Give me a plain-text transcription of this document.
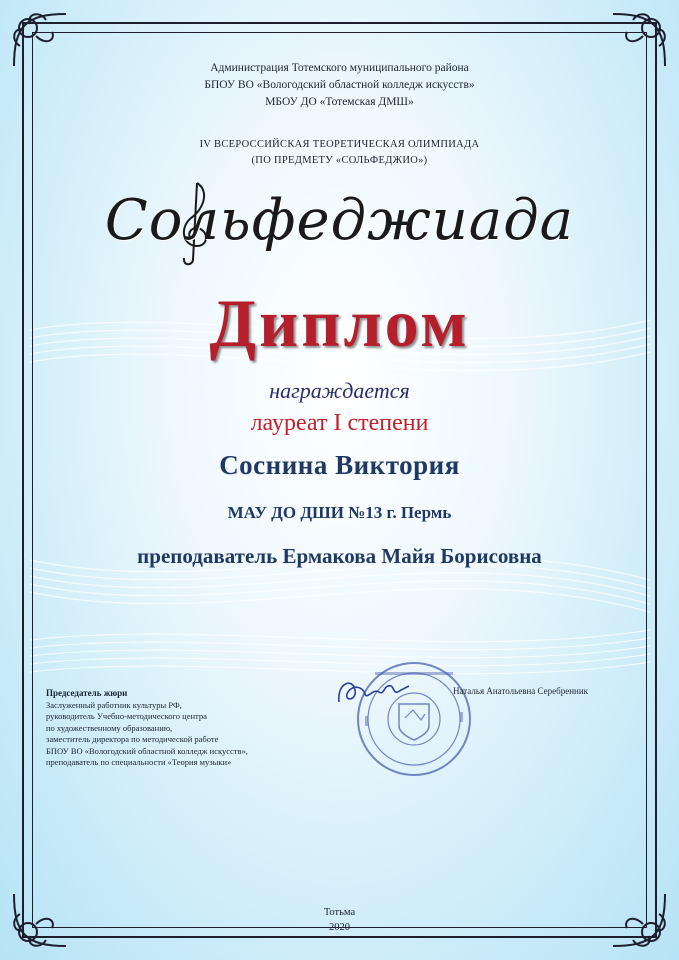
Администрация Тотемского муниципального района
БПОУ ВО «Вологодский областной колледж искусств»
МБОУ ДО «Тотемская ДМШ»
IV ВСЕРОССИЙСКАЯ ТЕОРЕТИЧЕСКАЯ ОЛИМПИАДА
(ПО ПРЕДМЕТУ «СОЛЬФЕДЖИО»)
Сольфеджиада
Диплом
награждается
лауреат I степени
Соснина Виктория
МАУ ДО ДШИ №13 г. Пермь
преподаватель Ермакова Майя Борисовна
Председатель жюри
Заслуженный работник культуры РФ,
руководитель Учебно-методического центра
по художественному образованию,
заместитель директора по методической работе
БПОУ ВО «Вологодский областной колледж искусств»,
преподаватель по специальности «Теория музыки»
Наталья Анатольевна Серебренник
Тотьма
2020
